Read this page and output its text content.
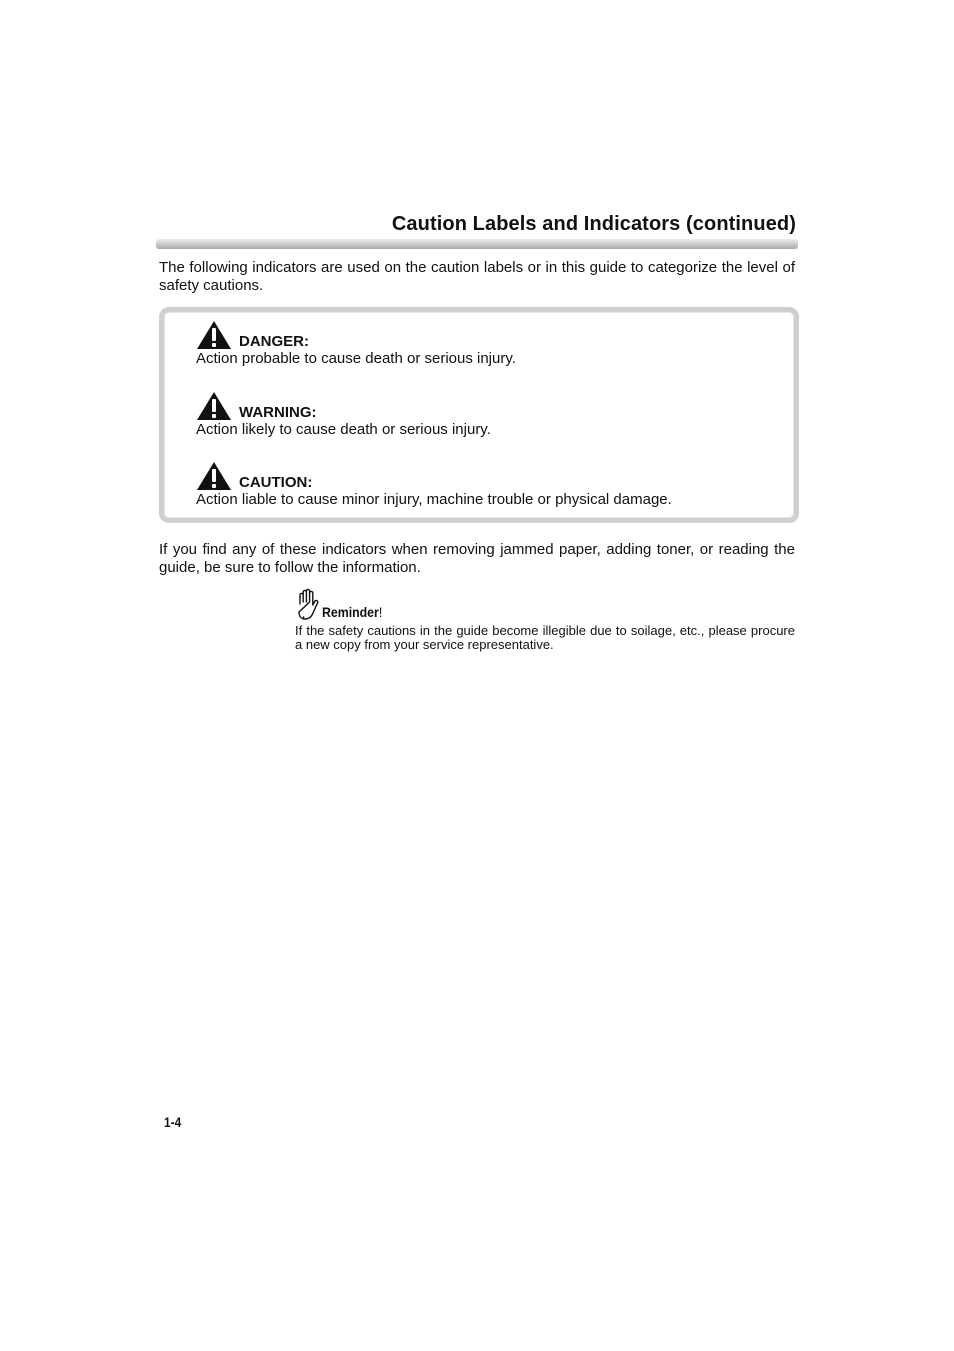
Caution Labels and Indicators (continued)
The following indicators are used on the caution labels or in this guide to categorize the level of safety cautions.
DANGER:
Action probable to cause death or serious injury.
WARNING:
Action likely to cause death or serious injury.
CAUTION:
Action liable to cause minor injury, machine trouble or physical damage.
If you find any of these indicators when removing jammed paper, adding toner, or reading the guide, be sure to follow the information.
Reminder!
If the safety cautions in the guide become illegible due to soilage, etc., please procure a new copy from your service representative.
1-4
